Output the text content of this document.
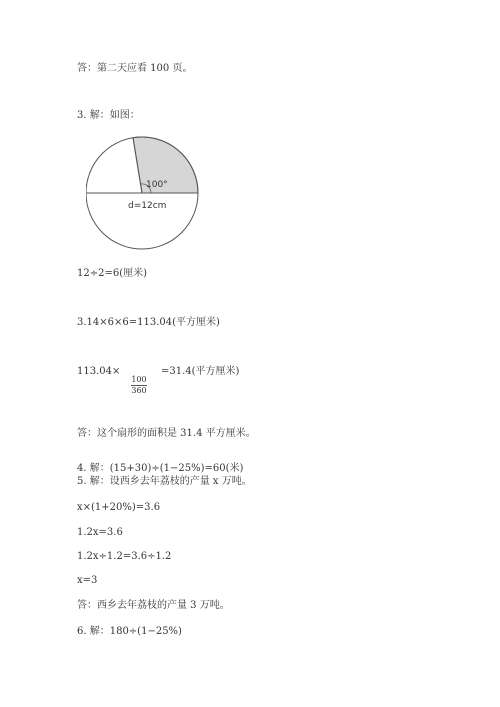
答：第二天应看 100 页。
3. 解：如图：
100°
d=12cm
12÷2=6(厘米)
3.14×6×6=113.04(平方厘米)
113.04×
100
360
=31.4(平方厘米)
答：这个扇形的面积是 31.4 平方厘米。
4. 解：(15+30)÷(1−25%)=60(米)
5. 解：设西乡去年荔枝的产量 x 万吨。
x×(1+20%)=3.6
1.2x=3.6
1.2x÷1.2=3.6÷1.2
x=3
答：西乡去年荔枝的产量 3 万吨。
6. 解：180÷(1−25%)
